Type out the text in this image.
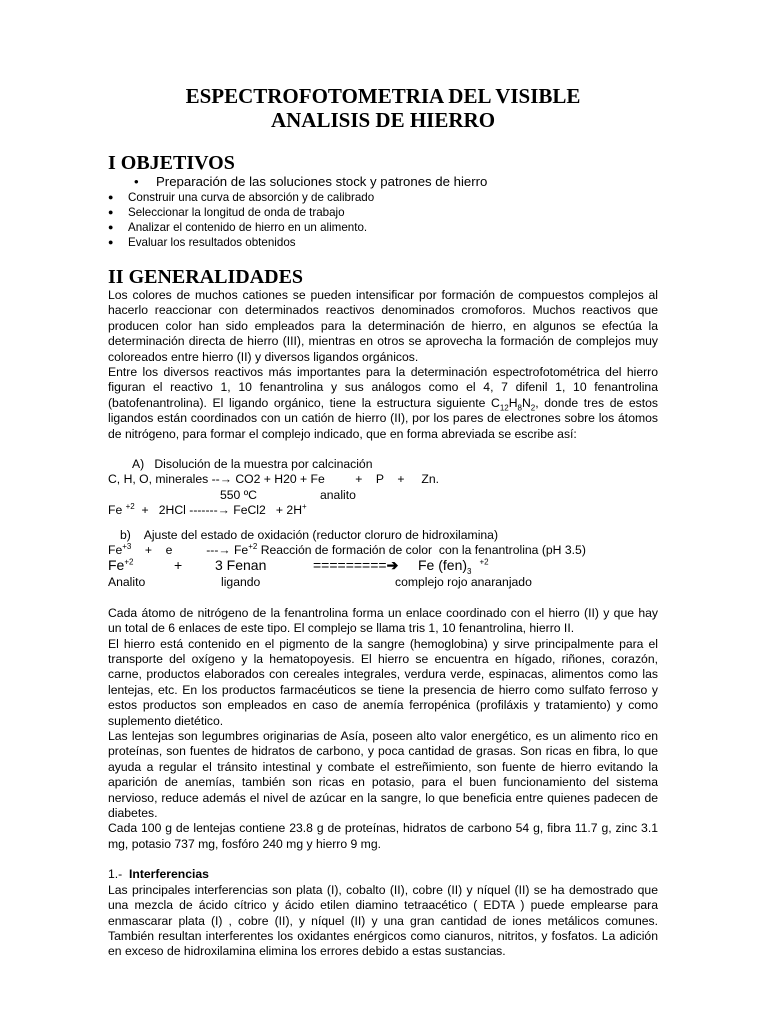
ESPECTROFOTOMETRIA DEL VISIBLE
ANALISIS DE HIERRO
I OBJETIVOS
• Preparación de las soluciones stock y patrones de hierro
● Construir una curva de absorción y de calibrado
● Seleccionar la longitud de onda de trabajo
● Analizar el contenido de hierro en un alimento.
● Evaluar los resultados obtenidos
II GENERALIDADES

Los colores de muchos cationes se pueden intensificar por formación de compuestos complejos al hacerlo reaccionar con determinados reactivos denominados cromoforos. Muchos reactivos que producen color han sido empleados para la determinación de hierro, en algunos se efectúa la determinación directa de hierro (III), mientras en otros se aprovecha la formación de complejos muy coloreados entre hierro (II) y diversos ligandos orgánicos.

Entre los diversos reactivos más importantes para la determinación espectrofotométrica del hierro figuran el reactivo 1, 10 fenantrolina y sus análogos como el 4, 7 difenil 1, 10 fenantrolina (batofenantrolina). El ligando orgánico, tiene la estructura siguiente $C_{12}H_8N_2$, donde tres de estos ligandos están coordinados con un catión de hierro (II), por los pares de electrones sobre los átomos de nitrógeno, para formar el complejo indicado, que en forma abreviada se escribe así:

A)   Disolución de la muestra por calcinación
C, H, O, minerales --→ CO2 + H20 + Fe         +    P    +     Zn.
550 ºC	analito
Fe $^{+2}$  +   2HCl -------→ FeCl2   + 2H+
b)    Ajuste del estado de oxidación (reductor cloruro de hidroxilamina)
$Fe^{+3}$    +    e          ---→ $Fe^{+2}$ Reacción de formación de color  con la fenantrolina (pH 3.5)
$Fe^{+2}$	+ 3 Fenan	=========➔ Fe $(fen)_3^{+2}$
Analito	ligando	complejo rojo anaranjado

Cada átomo de nitrógeno de la fenantrolina forma un enlace coordinado con el hierro (II) y que hay un total de 6 enlaces de este tipo. El complejo se llama tris 1, 10 fenantrolina, hierro II.

El hierro está contenido en el pigmento de la sangre (hemoglobina) y sirve principalmente para el transporte del oxígeno y la hematopoyesis. El hierro se encuentra en hígado, riñones, corazón, carne, productos elaborados con cereales integrales, verdura verde, espinacas, alimentos como las lentejas, etc. En los productos farmacéuticos se tiene la presencia de hierro como sulfato ferroso y estos productos son empleados en caso de anemía ferropénica (profiláxis y tratamiento) y como suplemento dietético.

Las lentejas son legumbres originarias de Asía, poseen alto valor energético, es un alimento rico en proteínas, son fuentes de hidratos de carbono, y poca cantidad de grasas. Son ricas en fibra, lo que ayuda a regular el tránsito intestinal y combate el estreñimiento, son fuente de hierro evitando la aparición de anemías, también son ricas en potasio, para el buen funcionamiento del sistema nervioso, reduce además el nivel de azúcar en la sangre, lo que beneficia entre quienes padecen de diabetes.

Cada 100 g de lentejas contiene 23.8 g de proteínas, hidratos de carbono 54 g, fibra 11.7 g, zinc 3.1 mg, potasio 737 mg, fosfóro 240 mg y hierro 9 mg.

1.- Interferencias

Las principales interferencias son plata (I), cobalto (II), cobre (II) y níquel (II) se ha demostrado que una mezcla de ácido cítrico y ácido etilen diamino tetraacético ( EDTA ) puede emplearse para enmascarar plata (I) , cobre (II), y níquel (II) y una gran cantidad de iones metálicos comunes. También resultan interferentes los oxidantes enérgicos como cianuros, nitritos, y fosfatos. La adición en exceso de hidroxilamina elimina los errores debido a estas sustancias.
